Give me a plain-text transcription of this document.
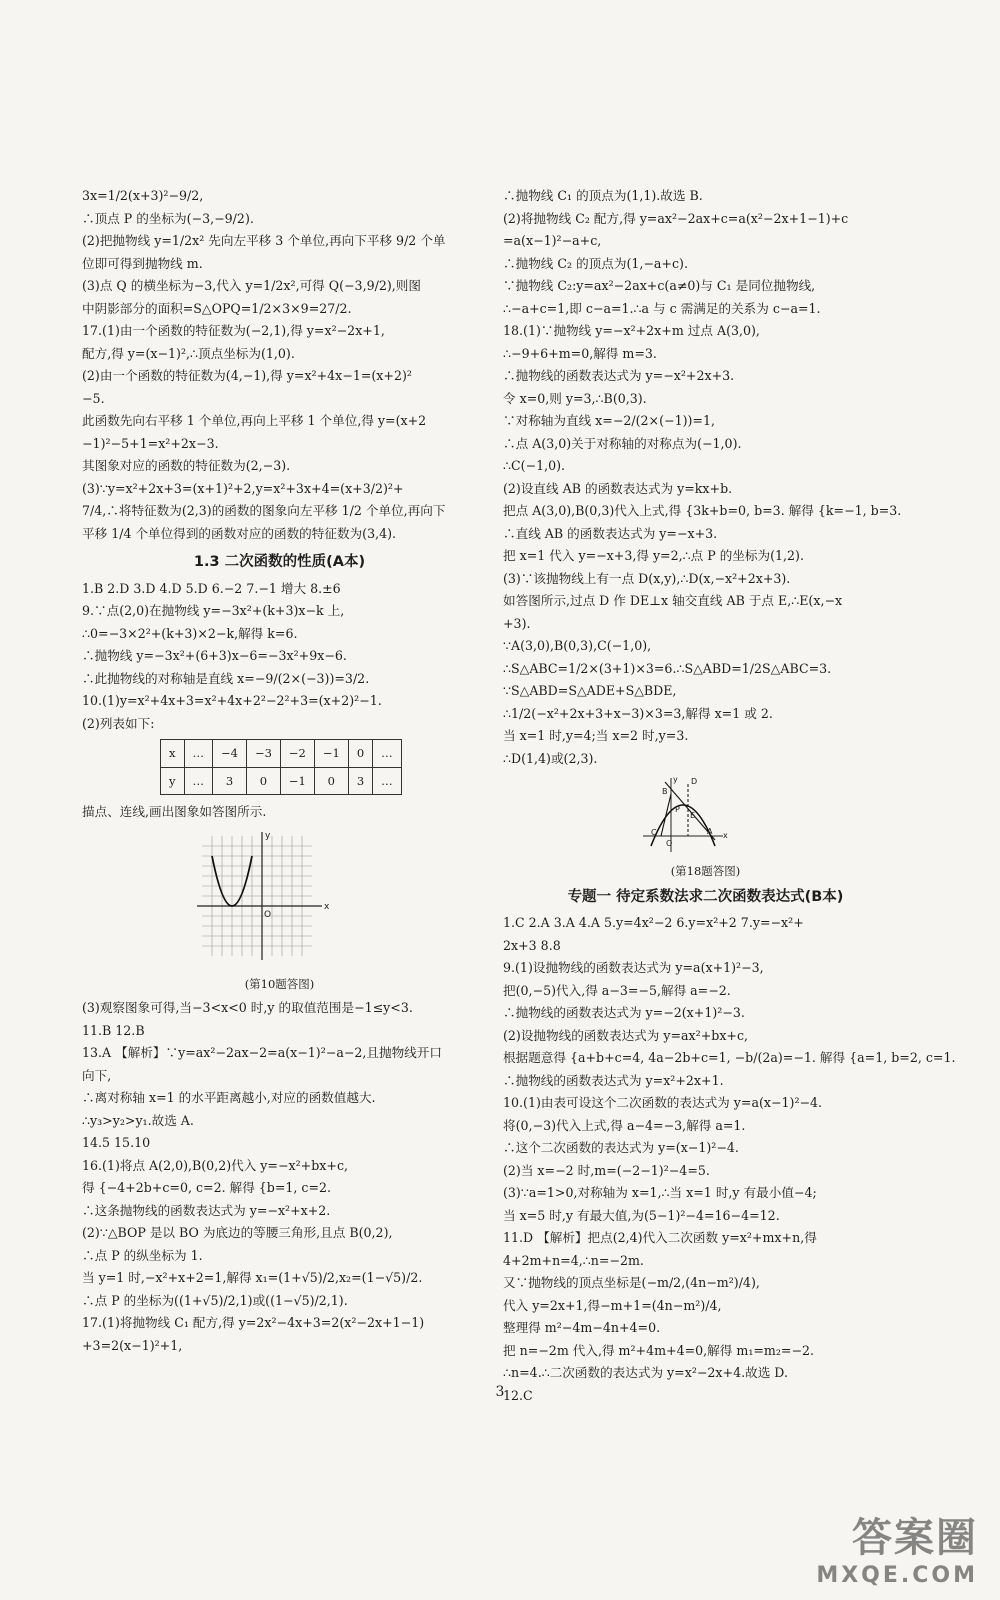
3x=1/2(x+3)²−9/2,
∴顶点 P 的坐标为(−3,−9/2).
(2)把抛物线 y=1/2x² 先向左平移 3 个单位,再向下平移 9/2 个单
位即可得到抛物线 m.
(3)点 Q 的横坐标为−3,代入 y=1/2x²,可得 Q(−3,9/2),则图
中阴影部分的面积=S△OPQ=1/2×3×9=27/2.
17.(1)由一个函数的特征数为(−2,1),得 y=x²−2x+1,
配方,得 y=(x−1)²,∴顶点坐标为(1,0).
(2)由一个函数的特征数为(4,−1),得 y=x²+4x−1=(x+2)²
−5.
此函数先向右平移 1 个单位,再向上平移 1 个单位,得 y=(x+2
−1)²−5+1=x²+2x−3.
其图象对应的函数的特征数为(2,−3).
(3)∵y=x²+2x+3=(x+1)²+2,y=x²+3x+4=(x+3/2)²+
7/4,∴将特征数为(2,3)的函数的图象向左平移 1/2 个单位,再向下
平移 1/4 个单位得到的函数对应的函数的特征数为(3,4).
1.3 二次函数的性质(A本)
1.B 2.D 3.D 4.D 5.D 6.−2 7.−1 增大 8.±6
9.∵点(2,0)在抛物线 y=−3x²+(k+3)x−k 上,
∴0=−3×2²+(k+3)×2−k,解得 k=6.
∴抛物线 y=−3x²+(6+3)x−6=−3x²+9x−6.
∴此抛物线的对称轴是直线 x=−9/(2×(−3))=3/2.
10.(1)y=x²+4x+3=x²+4x+2²−2²+3=(x+2)²−1.
(2)列表如下:
x	…	−4	−3	−2	−1	0	…
y	…	3	0	−1	0	3	…
描点、连线,画出图象如答图所示.
x
y
O
(第10题答图)
(3)观察图象可得,当−3<x<0 时,y 的取值范围是−1≤y<3.
11.B 12.B
13.A 【解析】∵y=ax²−2ax−2=a(x−1)²−a−2,且抛物线开口
向下,
∴离对称轴 x=1 的水平距离越小,对应的函数值越大.
∴y₃>y₂>y₁.故选 A.
14.5 15.10
16.(1)将点 A(2,0),B(0,2)代入 y=−x²+bx+c,
得 {−4+2b+c=0, c=2. 解得 {b=1, c=2.
∴这条抛物线的函数表达式为 y=−x²+x+2.
(2)∵△BOP 是以 BO 为底边的等腰三角形,且点 B(0,2),
∴点 P 的纵坐标为 1.
当 y=1 时,−x²+x+2=1,解得 x₁=(1+√5)/2,x₂=(1−√5)/2.
∴点 P 的坐标为((1+√5)/2,1)或((1−√5)/2,1).
17.(1)将抛物线 C₁ 配方,得 y=2x²−4x+3=2(x²−2x+1−1)
+3=2(x−1)²+1,
∴抛物线 C₁ 的顶点为(1,1).故选 B.
(2)将抛物线 C₂ 配方,得 y=ax²−2ax+c=a(x²−2x+1−1)+c
=a(x−1)²−a+c,
∴抛物线 C₂ 的顶点为(1,−a+c).
∵抛物线 C₂:y=ax²−2ax+c(a≠0)与 C₁ 是同位抛物线,
∴−a+c=1,即 c−a=1.∴a 与 c 需满足的关系为 c−a=1.
18.(1)∵抛物线 y=−x²+2x+m 过点 A(3,0),
∴−9+6+m=0,解得 m=3.
∴抛物线的函数表达式为 y=−x²+2x+3.
令 x=0,则 y=3,∴B(0,3).
∵对称轴为直线 x=−2/(2×(−1))=1,
∴点 A(3,0)关于对称轴的对称点为(−1,0).
∴C(−1,0).
(2)设直线 AB 的函数表达式为 y=kx+b.
把点 A(3,0),B(0,3)代入上式,得 {3k+b=0, b=3. 解得 {k=−1, b=3.
∴直线 AB 的函数表达式为 y=−x+3.
把 x=1 代入 y=−x+3,得 y=2,∴点 P 的坐标为(1,2).
(3)∵该抛物线上有一点 D(x,y),∴D(x,−x²+2x+3).
如答图所示,过点 D 作 DE⊥x 轴交直线 AB 于点 E,∴E(x,−x
+3).
∵A(3,0),B(0,3),C(−1,0),
∴S△ABC=1/2×(3+1)×3=6.∴S△ABD=1/2S△ABC=3.
∵S△ABD=S△ADE+S△BDE,
∴1/2(−x²+2x+3+x−3)×3=3,解得 x=1 或 2.
当 x=1 时,y=4;当 x=2 时,y=3.
∴D(1,4)或(2,3).
y D
B
P
E
C
O
A x
(第18题答图)
专题一 待定系数法求二次函数表达式(B本)
1.C 2.A 3.A 4.A 5.y=4x²−2 6.y=x²+2 7.y=−x²+
2x+3 8.8
9.(1)设抛物线的函数表达式为 y=a(x+1)²−3,
把(0,−5)代入,得 a−3=−5,解得 a=−2.
∴抛物线的函数表达式为 y=−2(x+1)²−3.
(2)设抛物线的函数表达式为 y=ax²+bx+c,
根据题意得 {a+b+c=4, 4a−2b+c=1, −b/(2a)=−1. 解得 {a=1, b=2, c=1.
∴抛物线的函数表达式为 y=x²+2x+1.
10.(1)由表可设这个二次函数的表达式为 y=a(x−1)²−4.
将(0,−3)代入上式,得 a−4=−3,解得 a=1.
∴这个二次函数的表达式为 y=(x−1)²−4.
(2)当 x=−2 时,m=(−2−1)²−4=5.
(3)∵a=1>0,对称轴为 x=1,∴当 x=1 时,y 有最小值−4;
当 x=5 时,y 有最大值,为(5−1)²−4=16−4=12.
11.D 【解析】把点(2,4)代入二次函数 y=x²+mx+n,得
4+2m+n=4,∴n=−2m.
又∵抛物线的顶点坐标是(−m/2,(4n−m²)/4),
代入 y=2x+1,得−m+1=(4n−m²)/4,
整理得 m²−4m−4n+4=0.
把 n=−2m 代入,得 m²+4m+4=0,解得 m₁=m₂=−2.
∴n=4.∴二次函数的表达式为 y=x²−2x+4.故选 D.
12.C
3
答案圈
MXQE.COM
